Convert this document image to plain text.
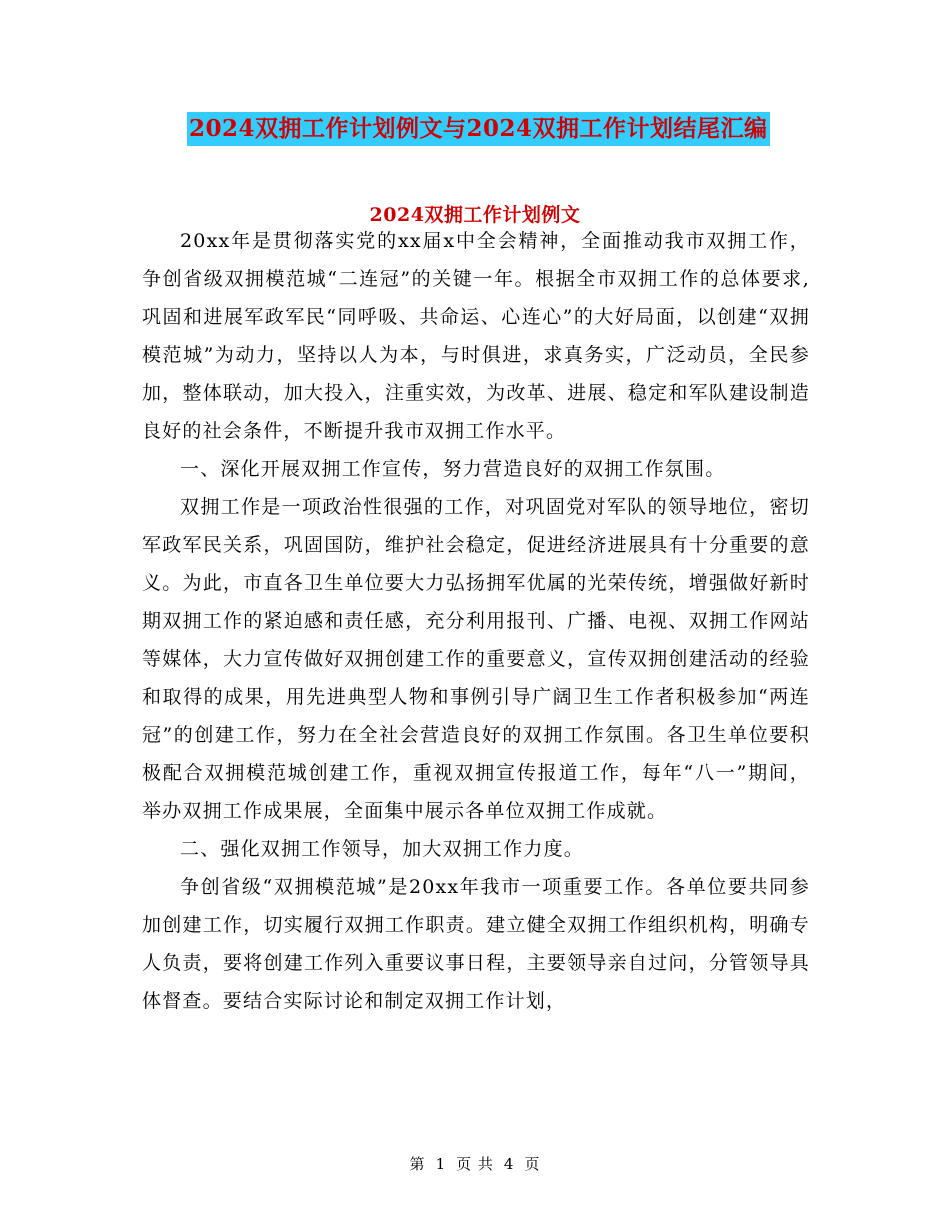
2024双拥工作计划例文与2024双拥工作计划结尾汇编
2024双拥工作计划例文

20xx年是贯彻落实党的xx届x中全会精神，全面推动我市双拥工作，争创省级双拥模范城“二连冠”的关键一年。根据全市双拥工作的总体要求,巩固和进展军政军民“同呼吸、共命运、心连心”的大好局面，以创建“双拥模范城”为动力，坚持以人为本，与时俱进，求真务实，广泛动员，全民参加，整体联动，加大投入，注重实效，为改革、进展、稳定和军队建设制造良好的社会条件，不断提升我市双拥工作水平。

一、深化开展双拥工作宣传，努力营造良好的双拥工作氛围。

双拥工作是一项政治性很强的工作，对巩固党对军队的领导地位，密切军政军民关系，巩固国防，维护社会稳定，促进经济进展具有十分重要的意义。为此，市直各卫生单位要大力弘扬拥军优属的光荣传统，增强做好新时期双拥工作的紧迫感和责任感，充分利用报刊、广播、电视、双拥工作网站等媒体，大力宣传做好双拥创建工作的重要意义，宣传双拥创建活动的经验和取得的成果，用先进典型人物和事例引导广阔卫生工作者积极参加“两连冠”的创建工作，努力在全社会营造良好的双拥工作氛围。各卫生单位要积极配合双拥模范城创建工作，重视双拥宣传报道工作，每年“八一”期间，举办双拥工作成果展，全面集中展示各单位双拥工作成就。

二、强化双拥工作领导，加大双拥工作力度。

争创省级“双拥模范城”是20xx年我市一项重要工作。各单位要共同参加创建工作，切实履行双拥工作职责。建立健全双拥工作组织机构，明确专人负责，要将创建工作列入重要议事日程，主要领导亲自过问，分管领导具体督查。要结合实际讨论和制定双拥工作计划，

第 1 页 共 4 页
